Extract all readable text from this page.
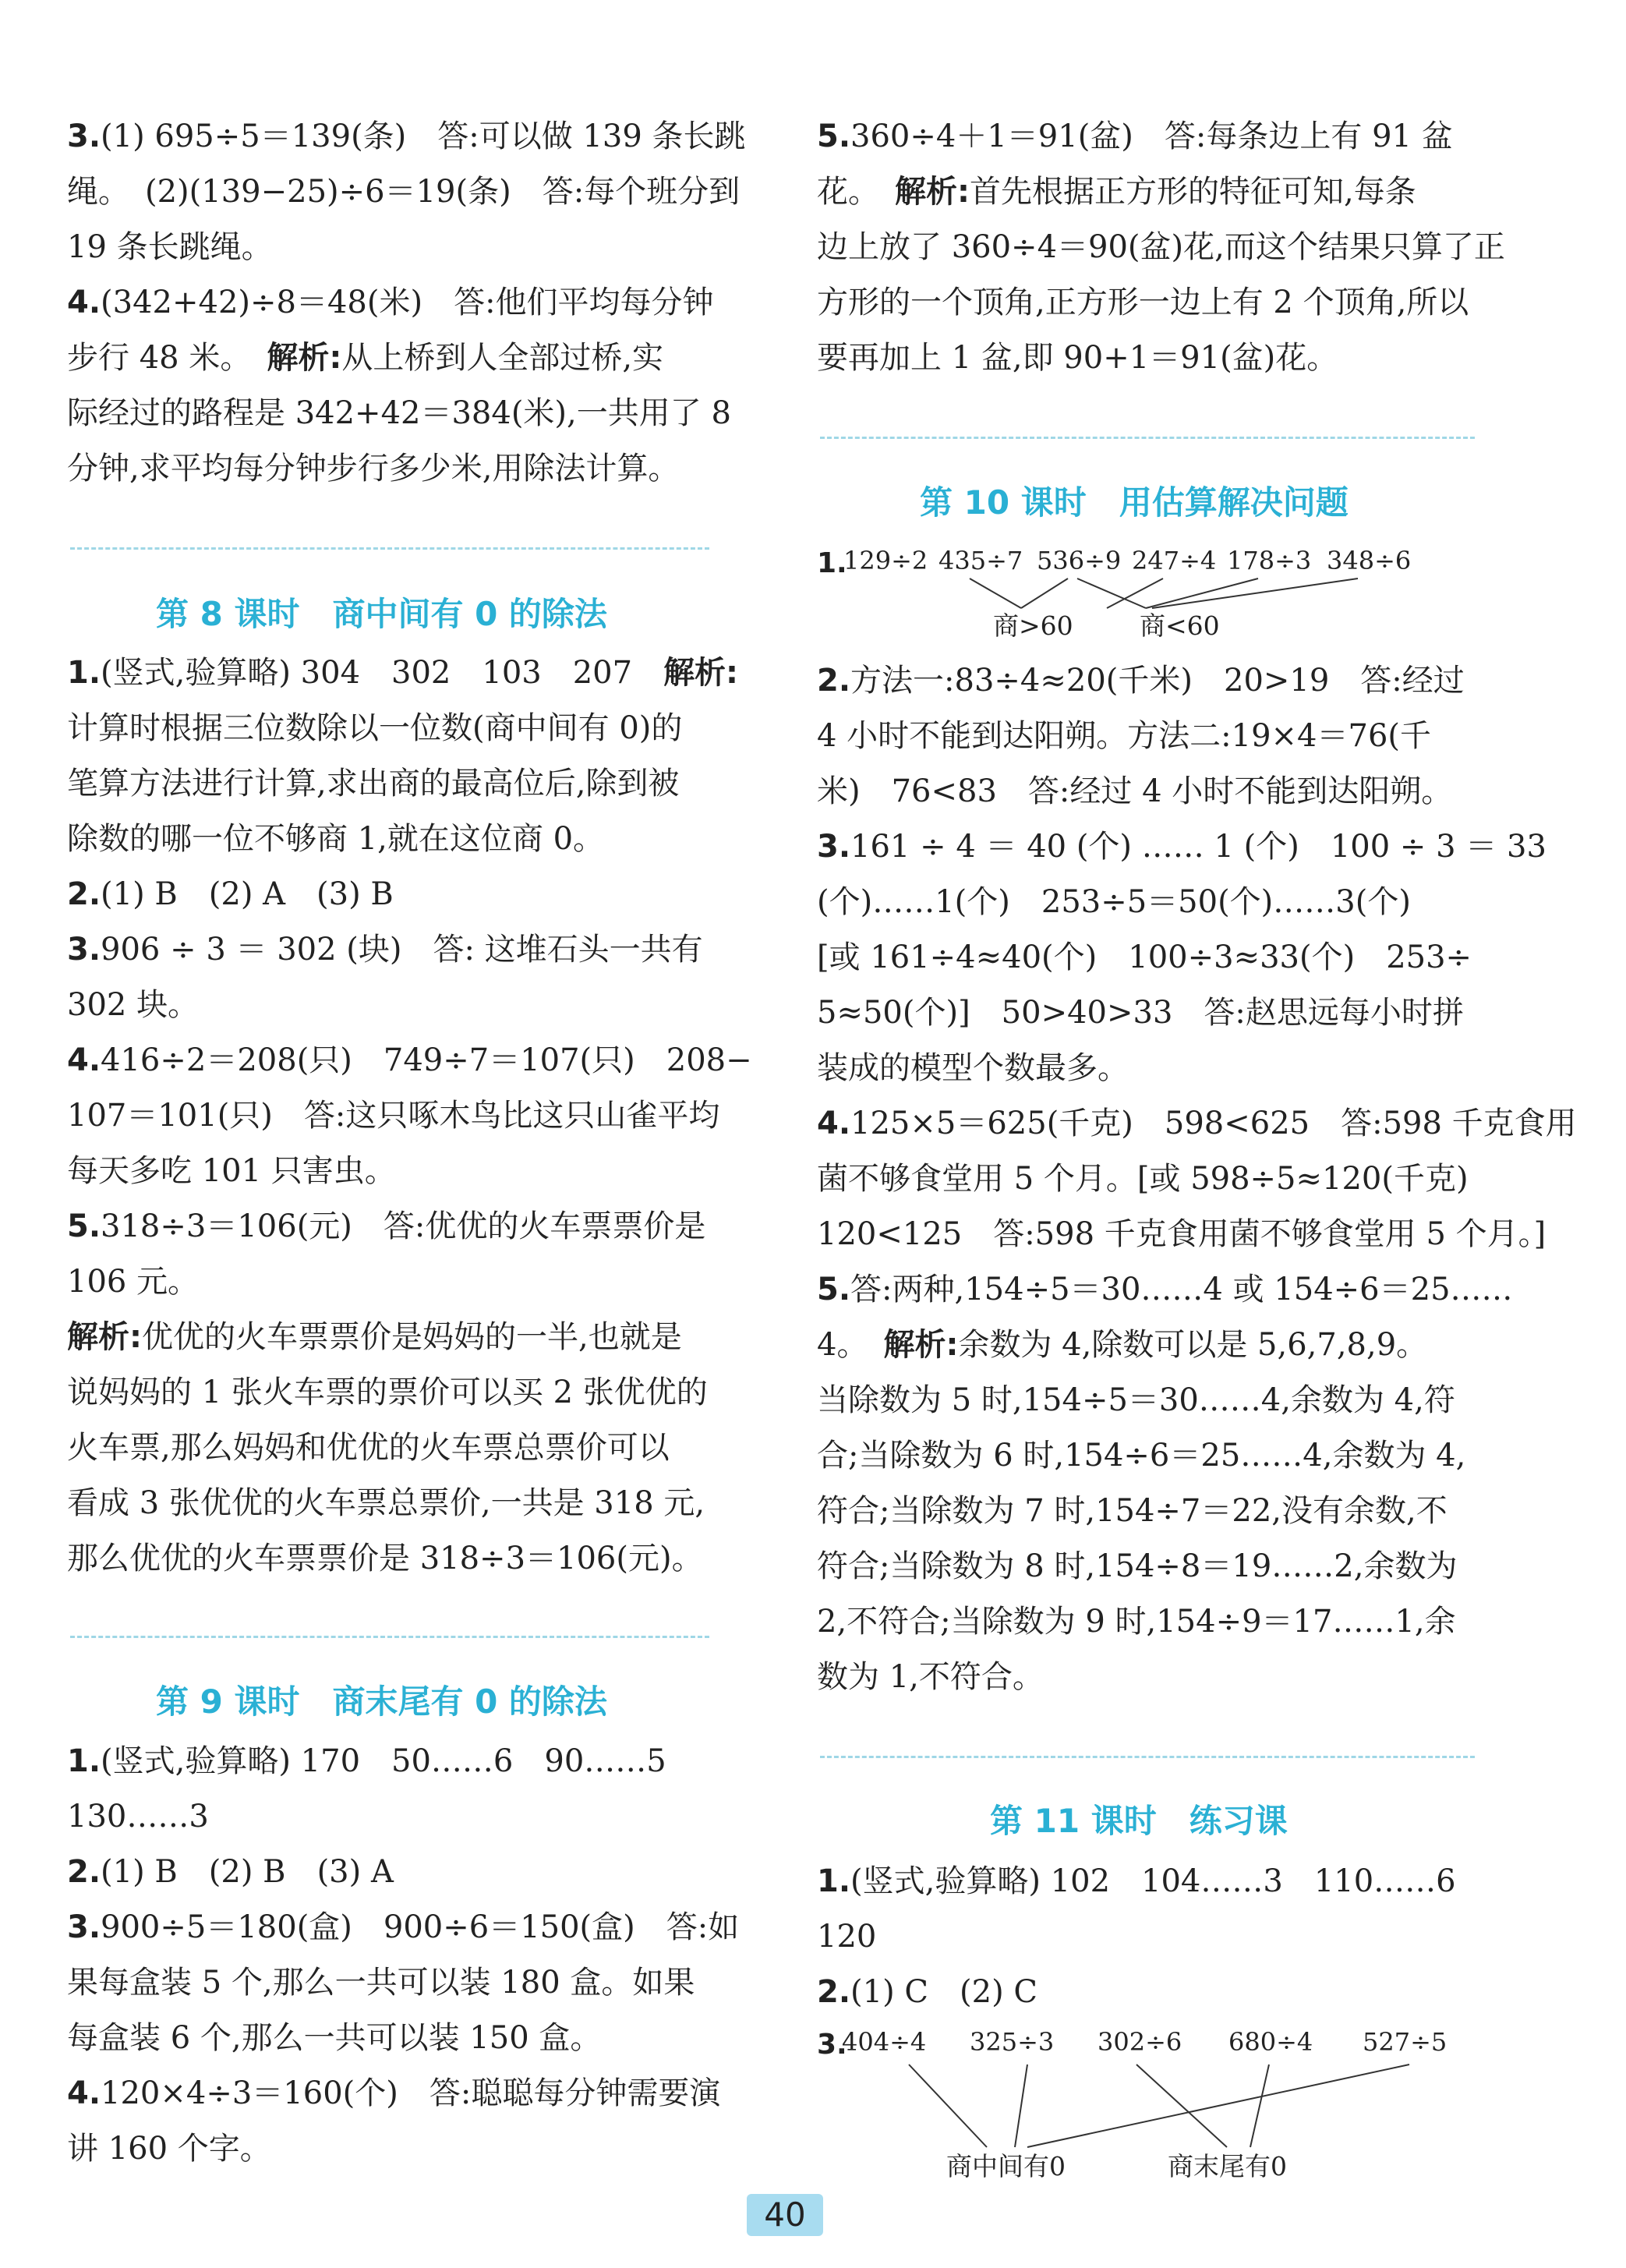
3.(1) 695÷5＝139(条)　答:可以做 139 条长跳
绳。　(2)(139−25)÷6＝19(条)　答:每个班分到
19 条长跳绳。
4.(342+42)÷8＝48(米)　答:他们平均每分钟
步行 48 米。　解析:从上桥到人全部过桥,实
际经过的路程是 342+42＝384(米),一共用了 8
分钟,求平均每分钟步行多少米,用除法计算。
第 8 课时　商中间有 0 的除法
1.(竖式,验算略) 304　302　103　207　解析:
计算时根据三位数除以一位数(商中间有 0)的
笔算方法进行计算,求出商的最高位后,除到被
除数的哪一位不够商 1,就在这位商 0。
2.(1) B　(2) A　(3) B
3.906 ÷ 3 ＝ 302 (块)　答: 这堆石头一共有
302 块。
4.416÷2＝208(只)　749÷7＝107(只)　208−
107＝101(只)　答:这只啄木鸟比这只山雀平均
每天多吃 101 只害虫。
5.318÷3＝106(元)　答:优优的火车票票价是
106 元。
解析:优优的火车票票价是妈妈的一半,也就是
说妈妈的 1 张火车票的票价可以买 2 张优优的
火车票,那么妈妈和优优的火车票总票价可以
看成 3 张优优的火车票总票价,一共是 318 元,
那么优优的火车票票价是 318÷3＝106(元)。
第 9 课时　商末尾有 0 的除法
1.(竖式,验算略) 170　50……6　90……5
130……3
2.(1) B　(2) B　(3) A
3.900÷5＝180(盒)　900÷6＝150(盒)　答:如
果每盒装 5 个,那么一共可以装 180 盒。如果
每盒装 6 个,那么一共可以装 150 盒。
4.120×4÷3＝160(个)　答:聪聪每分钟需要演
讲 160 个字。
5.360÷4＋1＝91(盆)　答:每条边上有 91 盆
花。　解析:首先根据正方形的特征可知,每条
边上放了 360÷4＝90(盆)花,而这个结果只算了正
方形的一个顶角,正方形一边上有 2 个顶角,所以
要再加上 1 盆,即 90+1＝91(盆)花。
第 10 课时　用估算解决问题
1.
129÷2 435÷7 536÷9 247÷4 178÷3 348÷6
商>60	商<60
2.方法一:83÷4≈20(千米)　20>19　答:经过
4 小时不能到达阳朔。方法二:19×4＝76(千
米)　76<83　答:经过 4 小时不能到达阳朔。
3.161 ÷ 4 ＝ 40 (个) …… 1 (个)　100 ÷ 3 ＝ 33
(个)……1(个)　253÷5＝50(个)……3(个)
[或 161÷4≈40(个)　100÷3≈33(个)　253÷
5≈50(个)]　50>40>33　答:赵思远每小时拼
装成的模型个数最多。
4.125×5＝625(千克)　598<625　答:598 千克食用
菌不够食堂用 5 个月。[或 598÷5≈120(千克)
120<125　答:598 千克食用菌不够食堂用 5 个月。]
5.答:两种,154÷5＝30……4 或 154÷6＝25……
4。　解析:余数为 4,除数可以是 5,6,7,8,9。
当除数为 5 时,154÷5＝30……4,余数为 4,符
合;当除数为 6 时,154÷6＝25……4,余数为 4,
符合;当除数为 7 时,154÷7＝22,没有余数,不
符合;当除数为 8 时,154÷8＝19……2,余数为
2,不符合;当除数为 9 时,154÷9＝17……1,余
数为 1,不符合。
第 11 课时　练习课
1.(竖式,验算略) 102　104……3　110……6
120
2.(1) C　(2) C
3.
404÷4 325÷3 302÷6 680÷4 527÷5
商中间有0	商末尾有0
40
